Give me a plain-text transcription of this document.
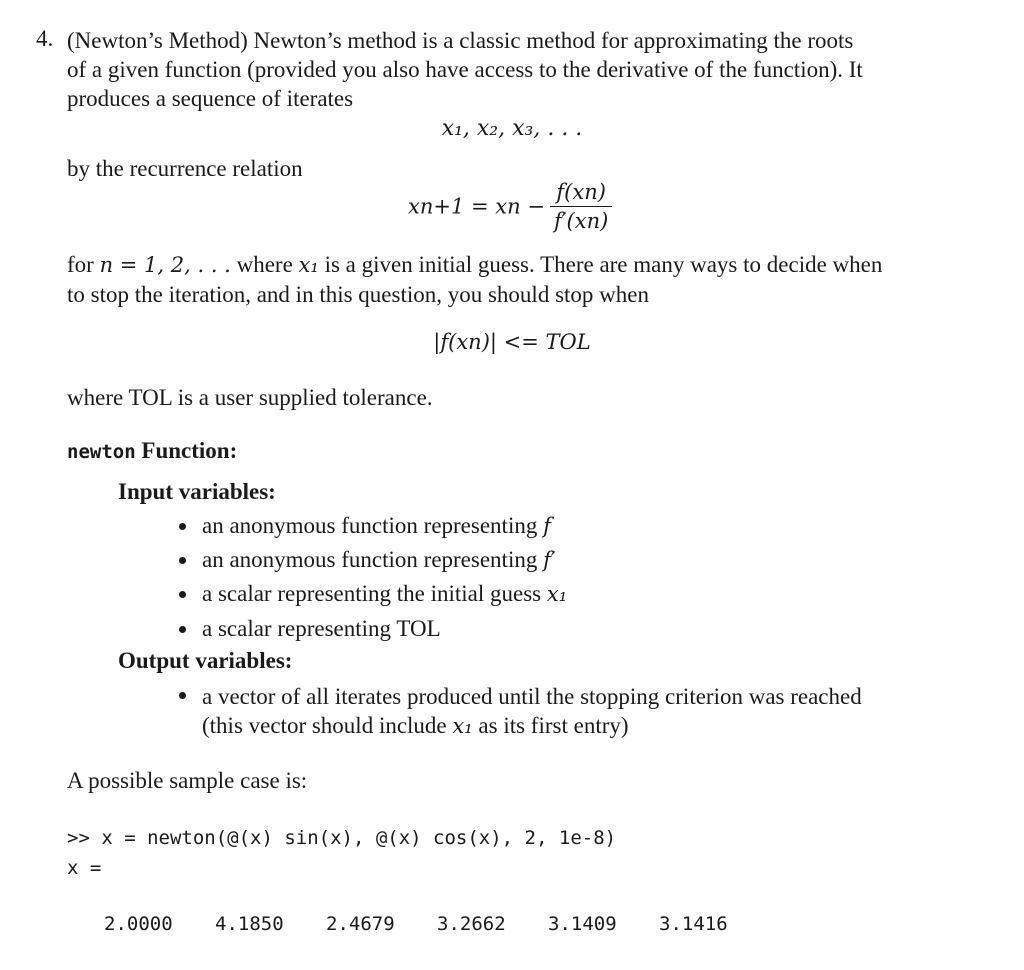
4. (Newton’s Method) Newton’s method is a classic method for approximating the roots
of a given function (provided you also have access to the derivative of the function). It
produces a sequence of iterates
x₁, x₂, x₃, . . .
by the recurrence relation
xn+1 = xn − $\frac{f(xn)}{f'(xn)}$
for n = 1, 2, . . . where x₁ is a given initial guess. There are many ways to decide when
to stop the iteration, and in this question, you should stop when
|f(xn)| <= TOL
where TOL is a user supplied tolerance.
newton Function:
Input variables:
an anonymous function representing f
an anonymous function representing f′
a scalar representing the initial guess x₁
a scalar representing TOL
Output variables:
a vector of all iterates produced until the stopping criterion was reached
(this vector should include x₁ as its first entry)
A possible sample case is:
>> x = newton(@(x) sin(x), @(x) cos(x), 2, 1e-8)
x =
2.0000 4.1850 2.4679 3.2662 3.1409 3.1416
